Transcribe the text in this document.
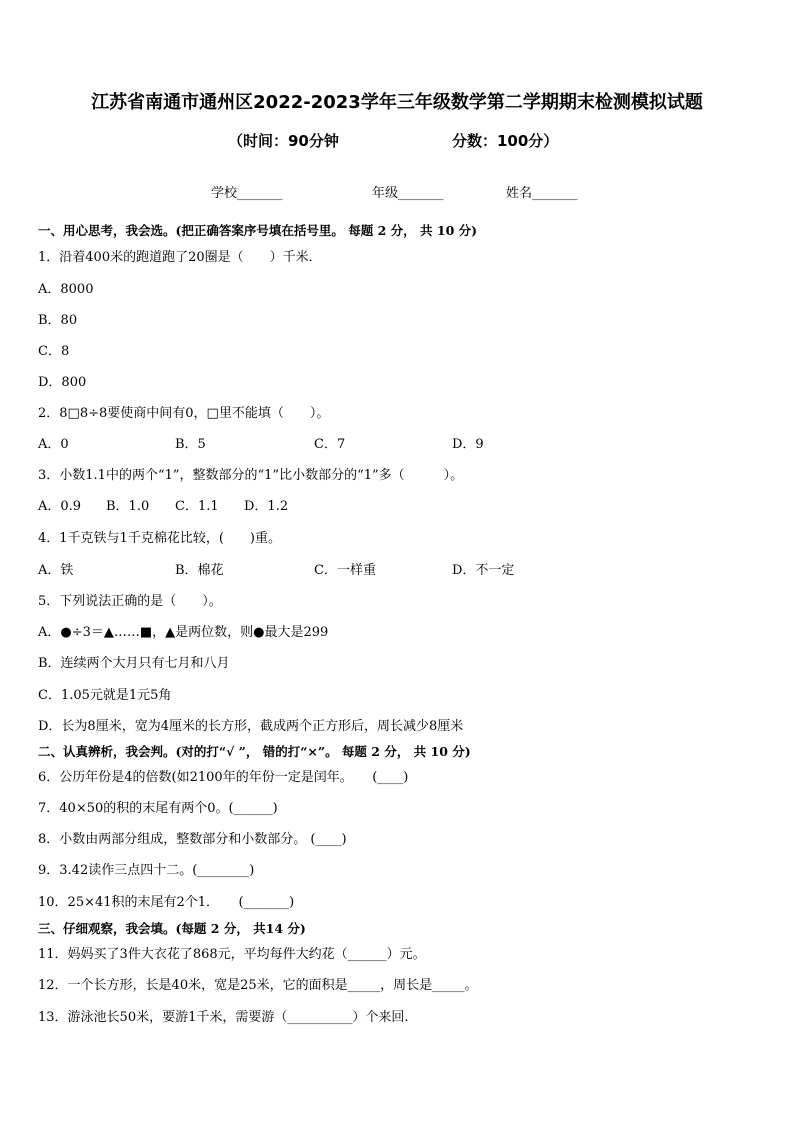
江苏省南通市通州区2022-2023学年三年级数学第二学期期末检测模拟试题
（时间：90分钟	分数：100分）
学校_______	年级_______	姓名_______
一、用心思考，我会选。(把正确答案序号填在括号里。 每题 2 分， 共 10 分)
1．沿着400米的跑道跑了20圈是（　　）千米．
A．8000
B．80
C．8
D．800
2．8□8÷8要使商中间有0，□里不能填（　　）。
A．0	B．5	C．7	D．9
3．小数1.1中的两个“1”，整数部分的“1”比小数部分的“1”多（　　　）。
A．0.9 B．1.0 C．1.1 D．1.2
4．1千克铁与1千克棉花比较，(　　)重。
A．铁	B．棉花	C．一样重	D．不一定
5．下列说法正确的是（　　）。
A．●÷3＝▲……■，▲是两位数，则●最大是299
B．连续两个大月只有七月和八月
C．1.05元就是1元5角
D．长为8厘米，宽为4厘米的长方形，截成两个正方形后，周长减少8厘米
二、认真辨析，我会判。(对的打“√ ”， 错的打“×”。 每题 2 分， 共 10 分)
6．公历年份是4的倍数(如2100年的年份一定是闰年。　　(____)
7．40×50的积的末尾有两个0。(______)
8．小数由两部分组成，整数部分和小数部分。 (____)
9．3.42读作三点四十二。(________)
10．25×41积的末尾有2个1．　　(_______)
三、仔细观察，我会填。(每题 2 分， 共14 分)
11．妈妈买了3件大衣花了868元，平均每件大约花（______）元。
12．一个长方形，长是40米，宽是25米，它的面积是_____，周长是_____。
13．游泳池长50米，要游1千米，需要游（__________）个来回.
